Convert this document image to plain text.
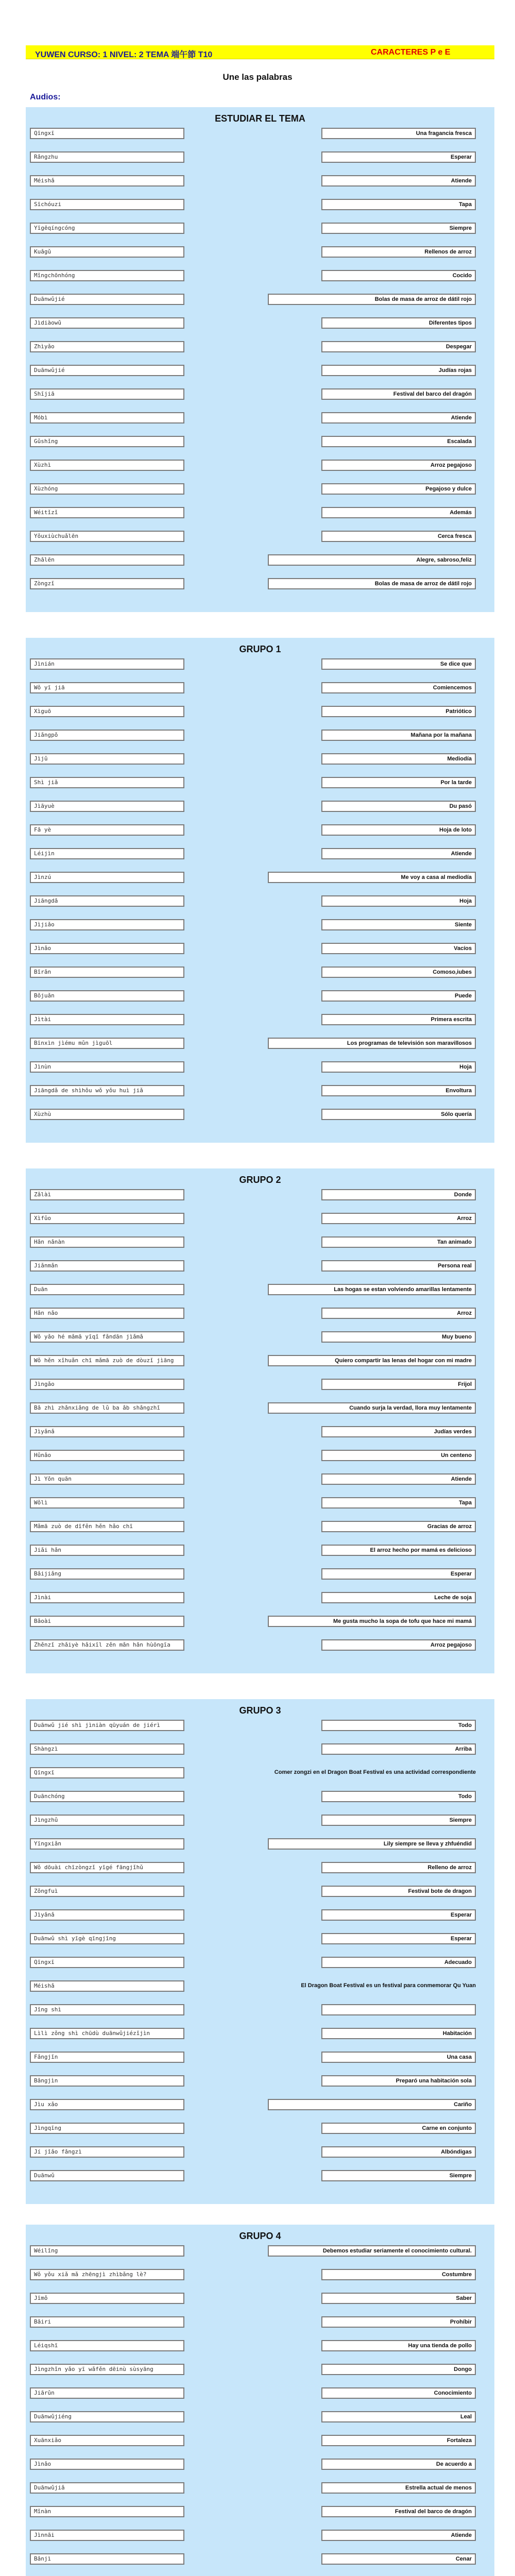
YUWEN CURSO: 1 NIVEL: 2 TEMA 端午節 T10	CARACTERES P e E
Une las palabras
Audios:
ESTUDIAR EL TEMA
Qīngxī
Rǎngzhu
Méishǎ
Sīchóuzi
Yīgēqíngcóng
Kuǎgǔ
Mǐngchōnhóng
Duānwǔjié
Jìdiàowǔ
Zhìyǎo
Duānwǔjié
Shījiā
Móbì
Gǔshǐng
Xùzhì
Xùzhóng
Wéitǐzǐ
Yǒuxiùchuǎlēn
Zhǎlēn
Zòngzǐ
Una fragancia fresca
Esperar
Atiende
Tapa
Siempre
Rellenos de arroz
Cocido
Bolas de masa de arroz de dátil rojo
Diferentes tipos
Despegar
Judías rojas
Festival del barco del dragón
Atiende
Escalada
Arroz pegajoso
Pegajoso y dulce
Además
Cerca fresca
Alegre, sabroso,feliz
Bolas de masa de arroz de dátil rojo
GRUPO 1
Jìnián
Wǒ yī jiā
Xìguō
Jiǎngpǒ
Jìjǔ
Shì jiǎ
Jìāyuè
Fǎ yè
Léijìn
Jìnzú
Jiāngdǎ
Jìjiǎo
Jìnǎo
Bǐrǎn
Bǒjuǎn
Jìtài
Bīnxìn jìému mǔn jìguōl
Jìnùn
Jiāngdǎ de shìhǒu wǒ yǒu huì jiǎ
Xùzhù
Se dice que
Comiencemos
Patriótico
Mañana por la mañana
Mediodía
Por la tarde
Du pasó
Hoja de loto
Atiende
Me voy a casa al mediodía
Hoja
Siente
Vacíos
Comoso,iubes
Puede
Primera escrita
Los programas de televisión son maravillosos
Hoja
Envoltura
Sólo quería
GRUPO 2
Zǎlàì
Xìfǔo
Hǎn nǎnàn
Jiǎnmǎn
Duān
Hǎn nǎo
Wǒ yǎo hé mǎmā yīqǐ fǎndān jìǎmǎ
Wǒ hěn xǐhuǎn chī mǎmā zuò de dòuzǐ jìāng
Jìngǎo
Bǎ zhì zhǎnxiǎng de lǔ ba ǎb shǎngzhǐ
Jìyǎnǎ
Hǔnǎo
Jì Yǒn quān
Wǒlì
Mǎmā zuò de dīfěn hěn hǎo chī
Jiǎi hǎn
Bǎijiǎng
Jìnài
Bǎoài
Zhěnzǐ zhǎiyè hǎixīl zěn mǎn hǎn hùōngīa
Donde
Arroz
Tan animado
Persona real
Las hogas se estan volviendo amarillas lentamente
Arroz
Muy bueno
Quiero compartir las lenas del hogar con mi madre
Frijol
Cuando surja la verdad, llora muy lentamente
Judías verdes
Un centeno
Atiende
Tapa
Gracias de arroz
El arroz hecho por mamá es delicioso
Esperar
Leche de soja
Me gusta mucho la sopa de tofu que hace mi mamá
Arroz pegajoso
GRUPO 3
Duānwǔ jié shì jìniàn qūyuán de jiérì
Shàngzì
Qīngxī
Duānchóng
Jìngzhǔ
Yīngxiǎn
Wǒ dōuài chīzòngzǐ yīgé fāngjǐhǔ
Zǒngfuì
Jìyǎnǎ
Duānwǔ shì yīgè qīngjīng
Qīngxī
Méishǎ
Jǐng shì
Lìlì zǒng shì chūdù duānwǔjiézǐjìn
Fǎngjǐn
Bǎngjìn
Jìu xǎo
Jìngqīng
Jí jǐǎo fǎngzì
Duānwǔ
Todo
Arriba
Comer zongzi en el Dragon Boat Festival es una actividad correspondiente
Todo
Siempre
Lily siempre se lleva y zhfuéndid
Relleno de arroz
Festival bote de dragon
Esperar
Esperar
Adecuado
El Dragon Boat Festival es un festival para conmemorar Qu Yuan
Habitación
Una casa
Preparó una habitación sola
Cariño
Carne en conjunto
Albóndigas
Siempre
GRUPO 4
Wéilǐng
Wǒ yǒu xiǎ mǎ zhēngjì zhìbǎng lè?
Jīmǒ
Bǎiri
Léiqshī
Jìngzhǐn yǎo yī wǎfěn dēinù sùsyāng
Jiārǔn
Duānwǔjiéng
Xuānxiǎo
Jìnǎo
Duānwǔjiǎ
Mǐnàn
Jìnnāi
Bǎnjì
Debemos estudiar seriamente el conocimiento cultural.
Costumbre
Saber
Prohíbir
Hay una tienda de pollo
Dongo
Conocimiento
Leal
Fortaleza
De acuerdo a
Estrella actual de menos
Festival del barco de dragón
Atiende
Cenar
